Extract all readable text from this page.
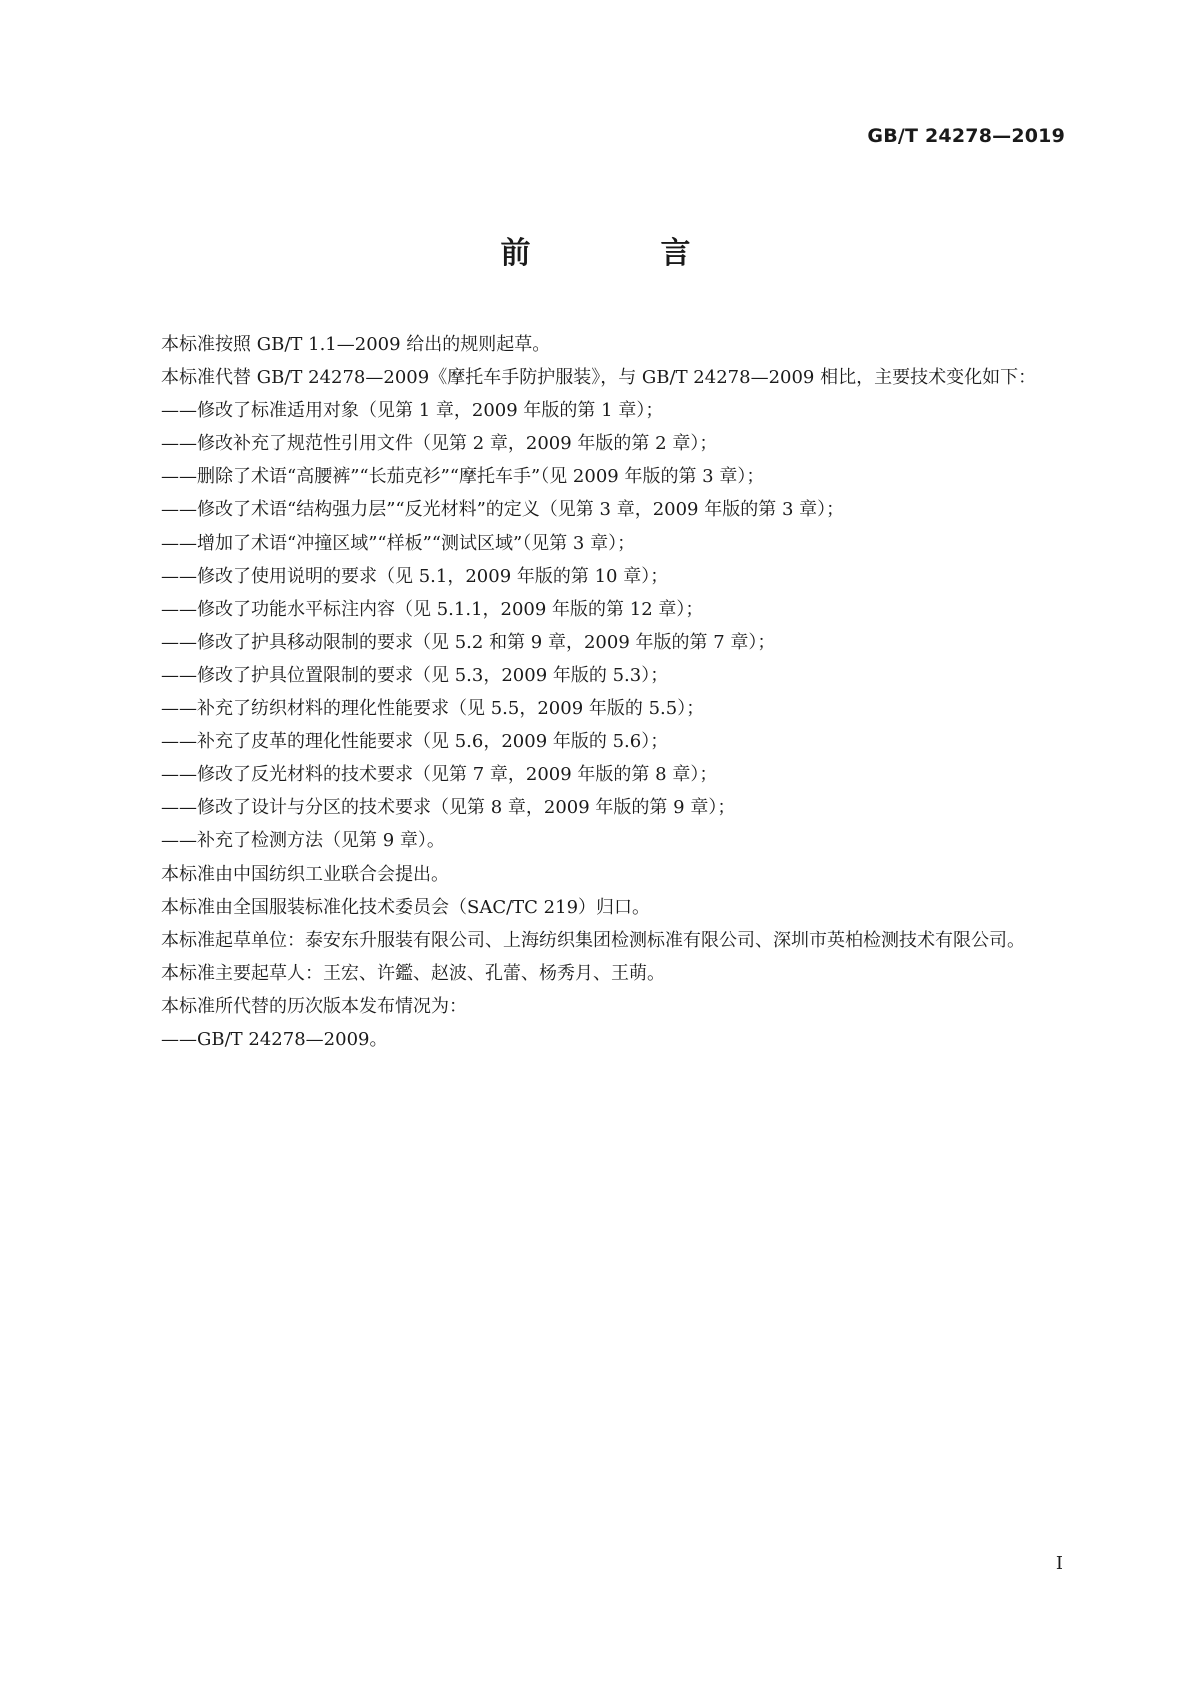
GB/T 24278—2019
前　言

本标准按照 GB/T 1.1—2009 给出的规则起草。

本标准代替 GB/T 24278—2009《摩托车手防护服装》，与 GB/T 24278—2009 相比，主要技术变化如下：

——修改了标准适用对象（见第 1 章，2009 年版的第 1 章）；

——修改补充了规范性引用文件（见第 2 章，2009 年版的第 2 章）；

——删除了术语“高腰裤”“长茄克衫”“摩托车手”（见 2009 年版的第 3 章）；

——修改了术语“结构强力层”“反光材料”的定义（见第 3 章，2009 年版的第 3 章）；

——增加了术语“冲撞区域”“样板”“测试区域”（见第 3 章）；

——修改了使用说明的要求（见 5.1，2009 年版的第 10 章）；

——修改了功能水平标注内容（见 5.1.1，2009 年版的第 12 章）；

——修改了护具移动限制的要求（见 5.2 和第 9 章，2009 年版的第 7 章）；

——修改了护具位置限制的要求（见 5.3，2009 年版的 5.3）；

——补充了纺织材料的理化性能要求（见 5.5，2009 年版的 5.5）；

——补充了皮革的理化性能要求（见 5.6，2009 年版的 5.6）；

——修改了反光材料的技术要求（见第 7 章，2009 年版的第 8 章）；

——修改了设计与分区的技术要求（见第 8 章，2009 年版的第 9 章）；

——补充了检测方法（见第 9 章）。

本标准由中国纺织工业联合会提出。

本标准由全国服装标准化技术委员会（SAC/TC 219）归口。

本标准起草单位：泰安东升服装有限公司、上海纺织集团检测标准有限公司、深圳市英柏检测技术有限公司。

本标准主要起草人：王宏、许鑑、赵波、孔蕾、杨秀月、王萌。

本标准所代替的历次版本发布情况为：

——GB/T 24278—2009。

Ⅰ
